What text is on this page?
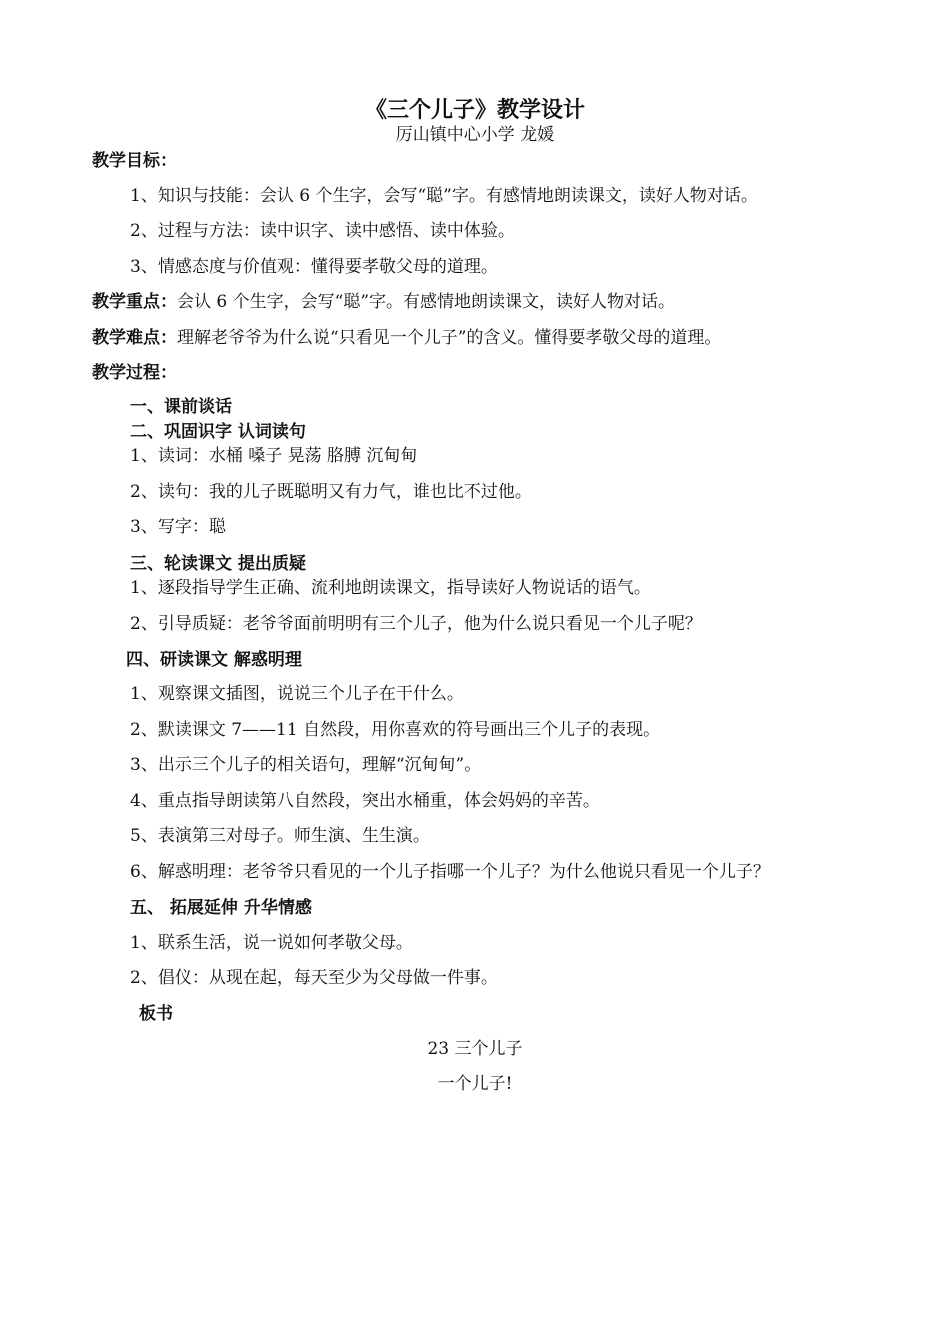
《三个儿子》教学设计
厉山镇中心小学 龙媛
教学目标：
1、知识与技能：会认 6 个生字，会写“聪”字。有感情地朗读课文，读好人物对话。
2、过程与方法：读中识字、读中感悟、读中体验。
3、情感态度与价值观：懂得要孝敬父母的道理。
教学重点：会认 6 个生字，会写“聪”字。有感情地朗读课文，读好人物对话。
教学难点：理解老爷爷为什么说“只看见一个儿子”的含义。懂得要孝敬父母的道理。
教学过程：
一、课前谈话
二、巩固识字 认词读句
1、读词：水桶 嗓子 晃荡 胳膊 沉甸甸
2、读句：我的儿子既聪明又有力气，谁也比不过他。
3、写字：聪
三、轮读课文 提出质疑
1、逐段指导学生正确、流利地朗读课文，指导读好人物说话的语气。
2、引导质疑：老爷爷面前明明有三个儿子，他为什么说只看见一个儿子呢？
四、研读课文 解惑明理
1、观察课文插图，说说三个儿子在干什么。
2、默读课文 7——11 自然段，用你喜欢的符号画出三个儿子的表现。
3、出示三个儿子的相关语句，理解“沉甸甸”。
4、重点指导朗读第八自然段，突出水桶重，体会妈妈的辛苦。
5、表演第三对母子。师生演、生生演。
6、解惑明理：老爷爷只看见的一个儿子指哪一个儿子？为什么他说只看见一个儿子？
五、 拓展延伸 升华情感
1、联系生活，说一说如何孝敬父母。
2、倡仪：从现在起，每天至少为父母做一件事。
板书
23 三个儿子
一个儿子!
